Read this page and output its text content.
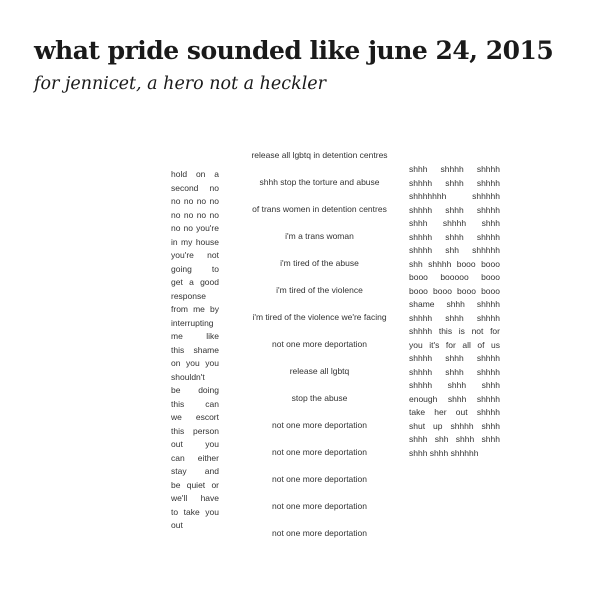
what pride sounded like june 24, 2015
for jennicet, a hero not a heckler
hold on a
second no
no no no no
no no no no
no no you're
in my house
you're not
going to
get a good
response
from me by
interrupting
me like
this shame
on you you
shouldn't
be doing
this can
we escort
this person
out you
can either
stay and
be quiet or
we'll have
to take you
out
release all lgbtq in detention centres
shhh stop the torture and abuse
of trans women in detention centres
i'm a trans woman
i'm tired of the abuse
i'm tired of the violence
i'm tired of the violence we're facing
not one more deportation
release all lgbtq
stop the abuse
not one more deportation
not one more deportation
not one more deportation
not one more deportation
not one more deportation
shhh shhhh shhhh
shhhh shhh shhhh
shhhhhhh shhhhh
shhhh shhh shhhh
shhh shhhh shhh
shhhh shhh shhhh
shhhh shh shhhhh
shh shhhh booo booo
booo booooo booo
booo booo booo booo
shame shhh shhhh
shhhh shhh shhhh
shhhh this is not for
you it's for all of us
shhhh shhh shhhh
shhhh shhh shhhh
shhhh shhh shhh
enough shhh shhhh
take her out shhhh
shut up shhhh shhh
shhh shh shhh shhh
shhh shhh shhhhh
